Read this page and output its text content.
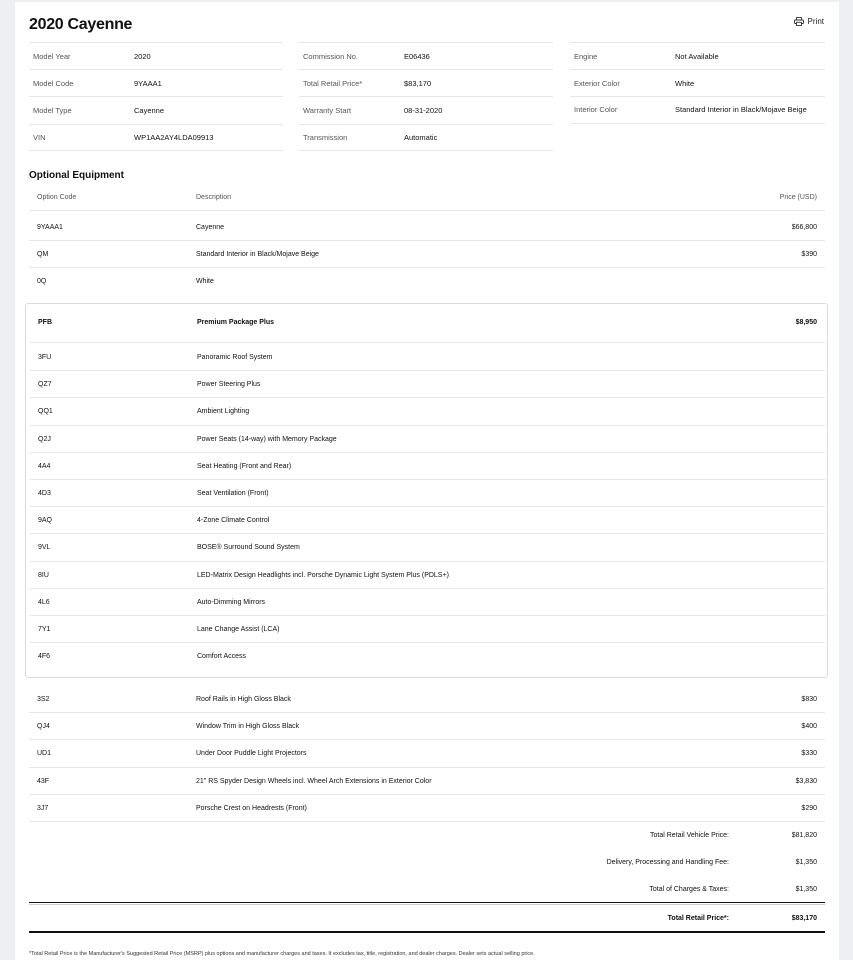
2020 Cayenne	Print
Model Year	2020
Model Code	9YAAA1
Model Type	Cayenne
VIN	WP1AA2AY4LDA09913
Commission No.	E06436
Total Retail Price*	$83,170
Warranty Start	08-31-2020
Transmission	Automatic
Engine	Not Available
Exterior Color	White
Interior Color	Standard Interior in Black/Mojave Beige
Optional Equipment
Option Code	Description	Price (USD)
9YAAA1	Cayenne	$66,800
QM	Standard Interior in Black/Mojave Beige	$390
0Q	White
PFB	Premium Package Plus	$8,950
3FU	Panoramic Roof System
QZ7	Power Steering Plus
QQ1	Ambient Lighting
Q2J	Power Seats (14-way) with Memory Package
4A4	Seat Heating (Front and Rear)
4D3	Seat Ventilation (Front)
9AQ	4-Zone Climate Control
9VL	BOSE® Surround Sound System
8IU	LED-Matrix Design Headlights incl. Porsche Dynamic Light System Plus (PDLS+)
4L6	Auto-Dimming Mirrors
7Y1	Lane Change Assist (LCA)
4F6	Comfort Access
3S2	Roof Rails in High Gloss Black	$830
QJ4	Window Trim in High Gloss Black	$400
UD1	Under Door Puddle Light Projectors	$330
43F	21" RS Spyder Design Wheels incl. Wheel Arch Extensions in Exterior Color	$3,830
3J7	Porsche Crest on Headrests (Front)	$290
Total Retail Vehicle Price:	$81,820
Delivery, Processing and Handling Fee:	$1,350
Total of Charges & Taxes:	$1,350
Total Retail Price*:	$83,170
*Total Retail Price is the Manufacturer's Suggested Retail Price (MSRP) plus options and manufacturer charges and taxes. It excludes tax, title, registration, and dealer charges. Dealer sets actual selling price.
